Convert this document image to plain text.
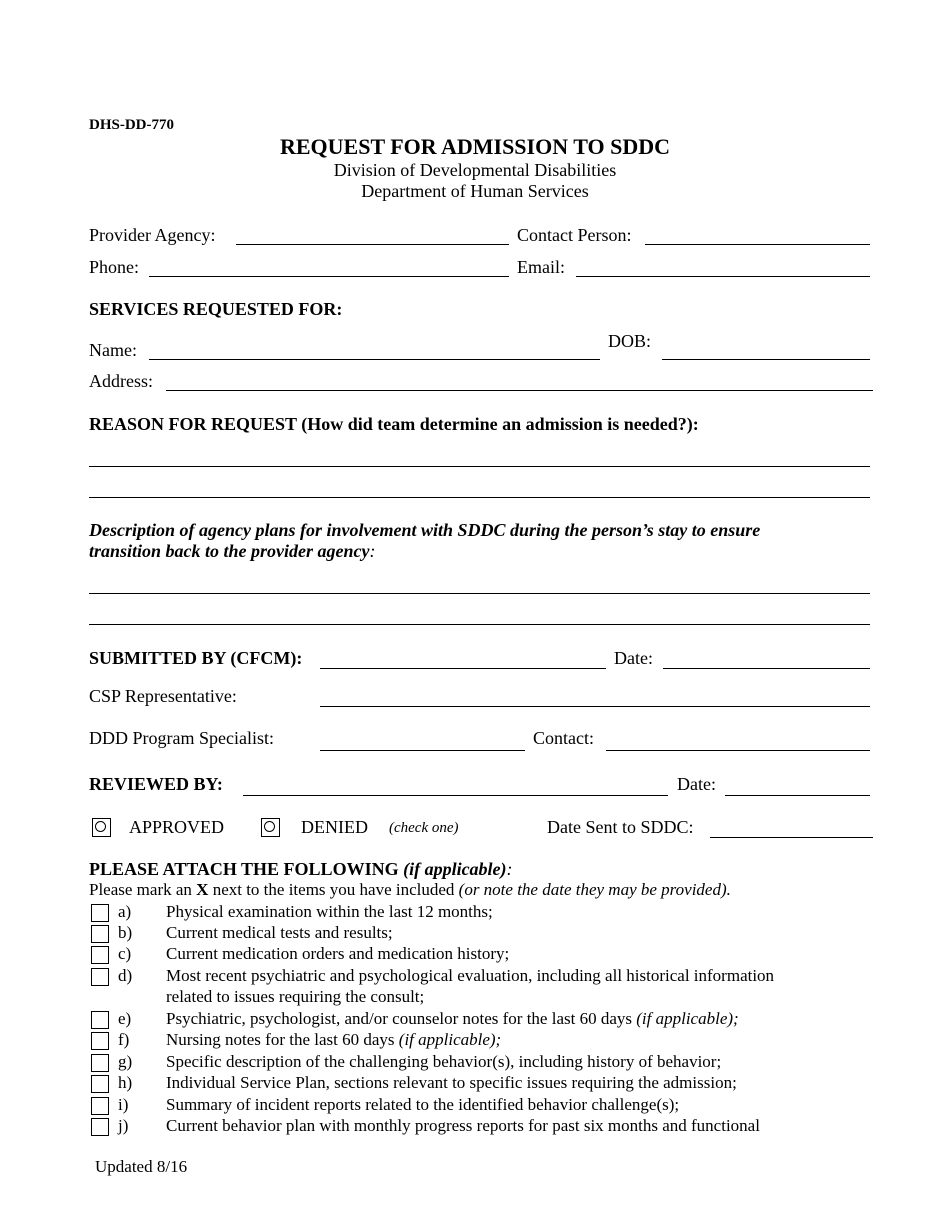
DHS-DD-770
REQUEST FOR ADMISSION TO SDDC
Division of Developmental Disabilities
Department of Human Services
Provider Agency:	Contact Person:
Phone:	Email:
SERVICES REQUESTED FOR:
Name:	DOB:
Address:
REASON FOR REQUEST (How did team determine an admission is needed?):
Description of agency plans for involvement with SDDC during the person’s stay to ensure
transition back to the provider agency:
SUBMITTED BY (CFCM):	Date:
CSP Representative:
DDD Program Specialist:	Contact:
REVIEWED BY:	Date:
APPROVED	DENIED (check one)	Date Sent to SDDC:
PLEASE ATTACH THE FOLLOWING (if applicable):
Please mark an X next to the items you have included (or note the date they may be provided).
a) Physical examination within the last 12 months;
b) Current medical tests and results;
c) Current medication orders and medication history;
d) Most recent psychiatric and psychological evaluation, including all historical information
related to issues requiring the consult;
e) Psychiatric, psychologist, and/or counselor notes for the last 60 days (if applicable);
f) Nursing notes for the last 60 days (if applicable);
g) Specific description of the challenging behavior(s), including history of behavior;
h) Individual Service Plan, sections relevant to specific issues requiring the admission;
i) Summary of incident reports related to the identified behavior challenge(s);
j) Current behavior plan with monthly progress reports for past six months and functional
Updated 8/16
